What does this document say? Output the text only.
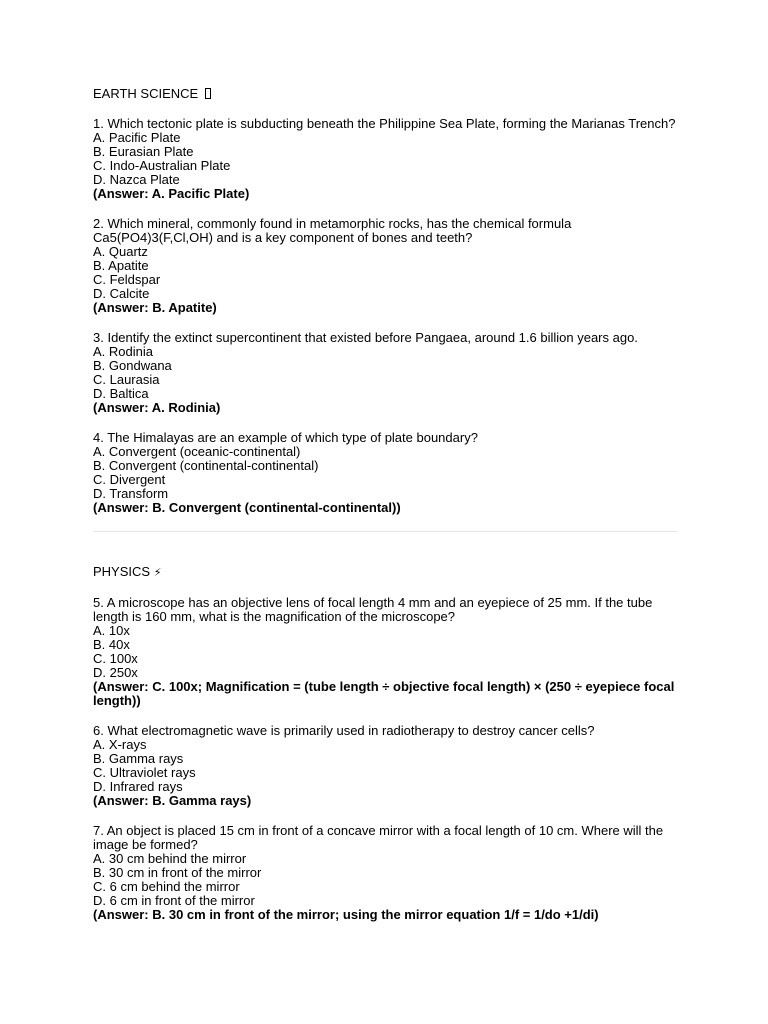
EARTH SCIENCE
1. Which tectonic plate is subducting beneath the Philippine Sea Plate, forming the Marianas Trench?
A. Pacific Plate
B. Eurasian Plate
C. Indo-Australian Plate
D. Nazca Plate
(Answer: A. Pacific Plate)
2. Which mineral, commonly found in metamorphic rocks, has the chemical formula
Ca5(PO4)3(F,Cl,OH) and is a key component of bones and teeth?
A. Quartz
B. Apatite
C. Feldspar
D. Calcite
(Answer: B. Apatite)
3. Identify the extinct supercontinent that existed before Pangaea, around 1.6 billion years ago.
A. Rodinia
B. Gondwana
C. Laurasia
D. Baltica
(Answer: A. Rodinia)
4. The Himalayas are an example of which type of plate boundary?
A. Convergent (oceanic-continental)
B. Convergent (continental-continental)
C. Divergent
D. Transform
(Answer: B. Convergent (continental-continental))
PHYSICS ⚡
5. A microscope has an objective lens of focal length 4 mm and an eyepiece of 25 mm. If the tube
length is 160 mm, what is the magnification of the microscope?
A. 10x
B. 40x
C. 100x
D. 250x
(Answer: C. 100x; Magnification = (tube length ÷ objective focal length) × (250 ÷ eyepiece focal
length))
6. What electromagnetic wave is primarily used in radiotherapy to destroy cancer cells?
A. X-rays
B. Gamma rays
C. Ultraviolet rays
D. Infrared rays
(Answer: B. Gamma rays)
7. An object is placed 15 cm in front of a concave mirror with a focal length of 10 cm. Where will the
image be formed?
A. 30 cm behind the mirror
B. 30 cm in front of the mirror
C. 6 cm behind the mirror
D. 6 cm in front of the mirror
(Answer: B. 30 cm in front of the mirror; using the mirror equation 1/f = 1/do +1/di)
